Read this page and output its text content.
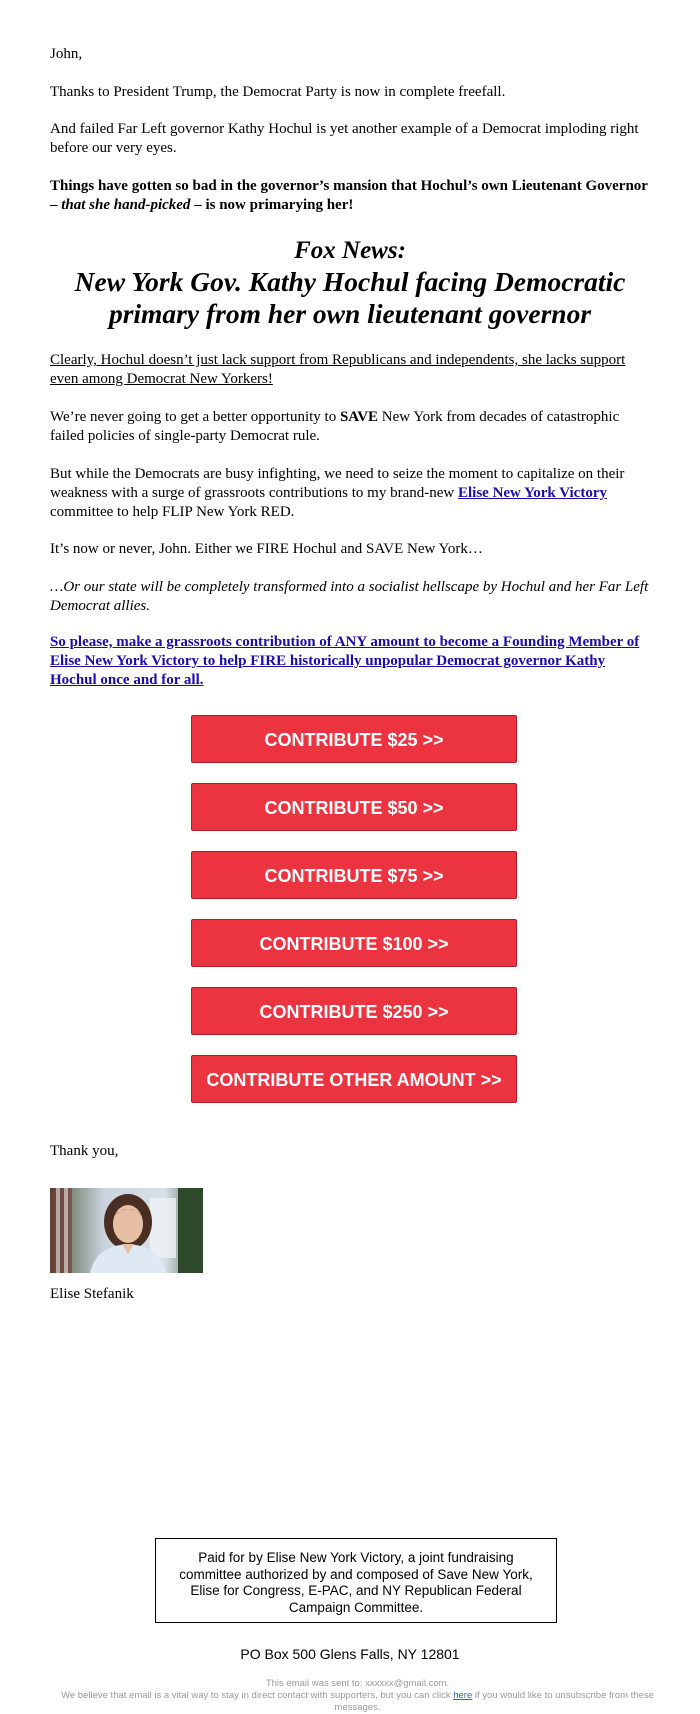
John,

Thanks to President Trump, the Democrat Party is now in complete freefall.

And failed Far Left governor Kathy Hochul is yet another example of a Democrat imploding right before our very eyes.

Things have gotten so bad in the governor’s mansion that Hochul’s own Lieutenant Governor – that she hand-picked – is now primarying her!

Fox News:
New York Gov. Kathy Hochul facing Democratic primary from her own lieutenant governor

Clearly, Hochul doesn’t just lack support from Republicans and independents, she lacks support even among Democrat New Yorkers!

We’re never going to get a better opportunity to SAVE New York from decades of catastrophic failed policies of single-party Democrat rule.

But while the Democrats are busy infighting, we need to seize the moment to capitalize on their weakness with a surge of grassroots contributions to my brand-new Elise New York Victory committee to help FLIP New York RED.

It’s now or never, John. Either we FIRE Hochul and SAVE New York…

…Or our state will be completely transformed into a socialist hellscape by Hochul and her Far Left Democrat allies.

So please, make a grassroots contribution of ANY amount to become a Founding Member of Elise New York Victory to help FIRE historically unpopular Democrat governor Kathy Hochul once and for all.
CONTRIBUTE $25 >>
CONTRIBUTE $50 >>
CONTRIBUTE $75 >>
CONTRIBUTE $100 >>
CONTRIBUTE $250 >>
CONTRIBUTE OTHER AMOUNT >>

Thank you,

Elise Stefanik

Paid for by Elise New York Victory, a joint fundraising committee authorized by and composed of Save New York, Elise for Congress, E-PAC, and NY Republican Federal Campaign Committee.
PO Box 500 Glens Falls, NY 12801
This email was sent to: xxxxxx@gmail.com.
We believe that email is a vital way to stay in direct contact with supporters, but you can click here if you would like to unsubscribe from these messages.
